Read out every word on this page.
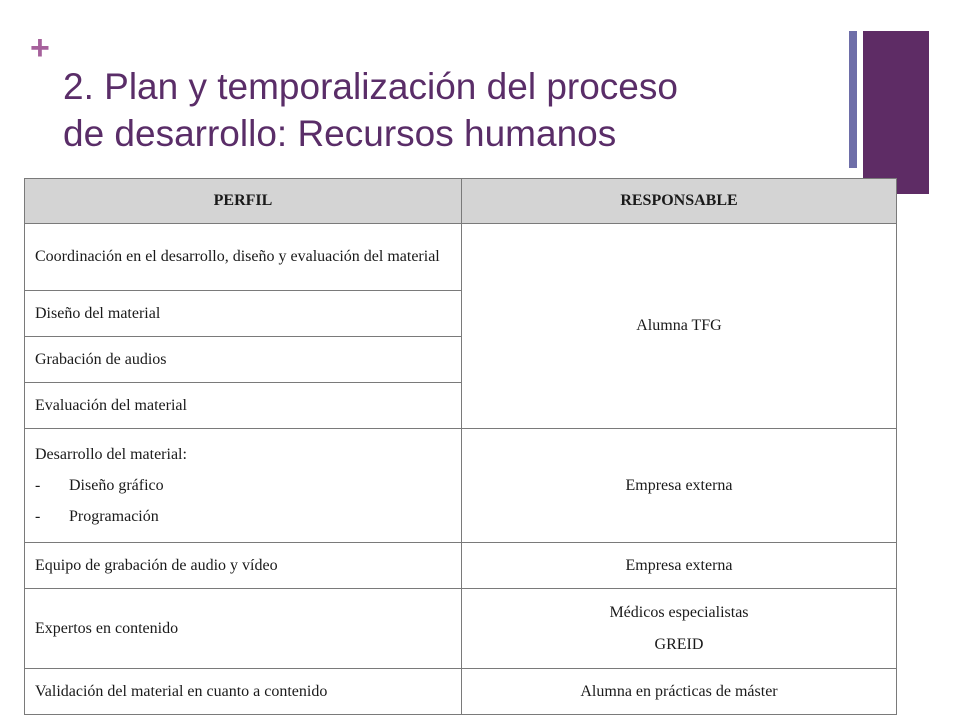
+
2. Plan y temporalización del proceso
de desarrollo: Recursos humanos
PERFIL	RESPONSABLE
Coordinación en el desarrollo, diseño y evaluación del material	Alumna TFG
Diseño del material	
Grabación de audios	
Evaluación del material	

Desarrollo del material:

- Diseño gráfico

- Programación	Empresa externa
Equipo de grabación de audio y vídeo	Empresa externa
Expertos en contenido	Médicos especialistas

GREID

Validación del material en cuanto a contenido	Alumna en prácticas de máster
